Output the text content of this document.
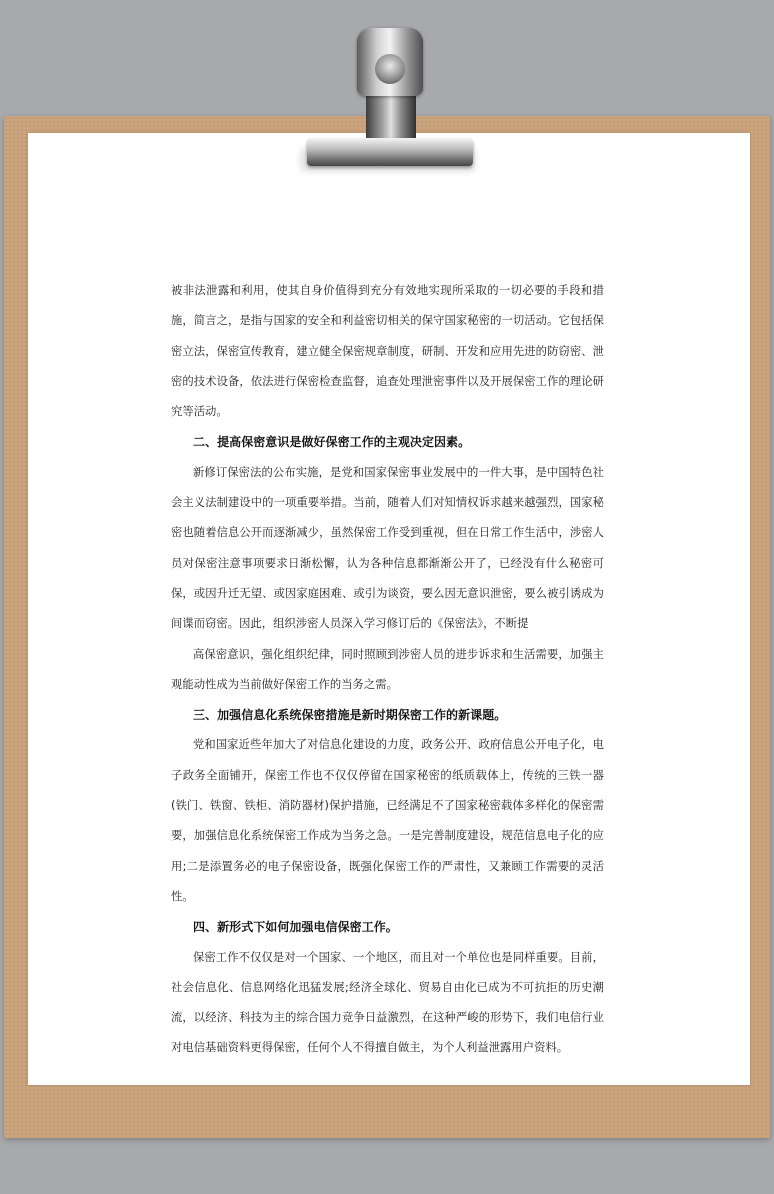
被非法泄露和利用，使其自身价值得到充分有效地实现所采取的一切必要的手段和措施，简言之，是指与国家的安全和利益密切相关的保守国家秘密的一切活动。它包括保密立法，保密宣传教育，建立健全保密规章制度，研制、开发和应用先进的防窃密、泄密的技术设备，依法进行保密检查监督，追查处理泄密事件以及开展保密工作的理论研究等活动。

二、提高保密意识是做好保密工作的主观决定因素。

新修订保密法的公布实施，是党和国家保密事业发展中的一件大事，是中国特色社会主义法制建设中的一项重要举措。当前，随着人们对知情权诉求越来越强烈，国家秘密也随着信息公开而逐渐减少，虽然保密工作受到重视，但在日常工作生活中，涉密人员对保密注意事项要求日渐松懈，认为各种信息都渐渐公开了，已经没有什么秘密可保，或因升迁无望、或因家庭困难、或引为谈资，要么因无意识泄密，要么被引诱成为间谍而窃密。因此，组织涉密人员深入学习修订后的《保密法》，不断提

高保密意识，强化组织纪律，同时照顾到涉密人员的进步诉求和生活需要，加强主观能动性成为当前做好保密工作的当务之需。

三、加强信息化系统保密措施是新时期保密工作的新课题。

党和国家近些年加大了对信息化建设的力度，政务公开、政府信息公开电子化，电子政务全面铺开，保密工作也不仅仅停留在国家秘密的纸质载体上，传统的三铁一器(铁门、铁窗、铁柜、消防器材)保护措施，已经满足不了国家秘密载体多样化的保密需要，加强信息化系统保密工作成为当务之急。一是完善制度建设，规范信息电子化的应用;二是添置务必的电子保密设备，既强化保密工作的严肃性，又兼顾工作需要的灵活性。

四、新形式下如何加强电信保密工作。

保密工作不仅仅是对一个国家、一个地区，而且对一个单位也是同样重要。目前，社会信息化、信息网络化迅猛发展;经济全球化、贸易自由化已成为不可抗拒的历史潮流，以经济、科技为主的综合国力竞争日益激烈，在这种严峻的形势下，我们电信行业对电信基础资料更得保密，任何个人不得擅自做主，为个人利益泄露用户资料。
